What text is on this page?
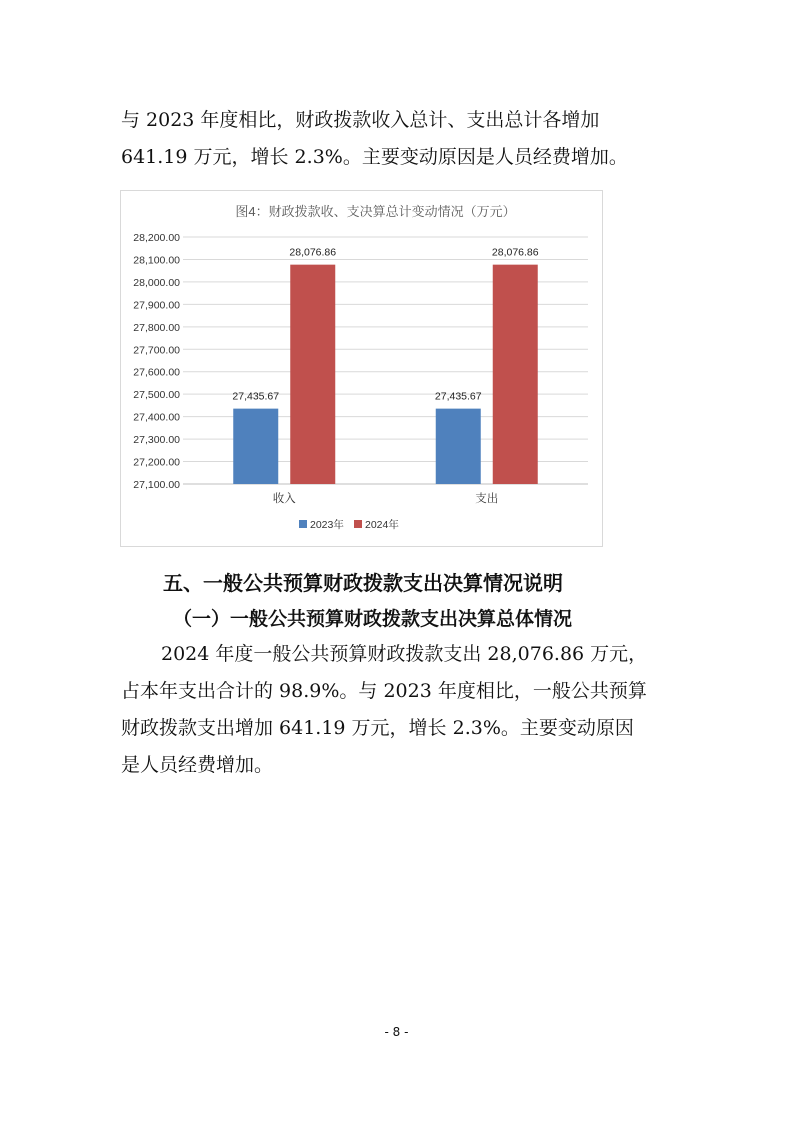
与 2023 年度相比，财政拨款收入总计、支出总计各增加
641.19 万元，增长 2.3%。主要变动原因是人员经费增加。

图4：财政拨款收、支决算总计变动情况（万元）
27,100.00
27,200.00
27,300.00
27,400.00
27,500.00
27,600.00
27,700.00
27,800.00
27,900.00
28,000.00
28,100.00
28,200.00
27,435.67
28,076.86
收入
27,435.67
28,076.86
支出
2023年 2024年
五、一般公共预算财政拨款支出决算情况说明
（一）一般公共预算财政拨款支出决算总体情况

2024 年度一般公共预算财政拨款支出 28,076.86 万元，
占本年支出合计的 98.9%。与 2023 年度相比，一般公共预算
财政拨款支出增加 641.19 万元，增长 2.3%。主要变动原因
是人员经费增加。

- 8 -
